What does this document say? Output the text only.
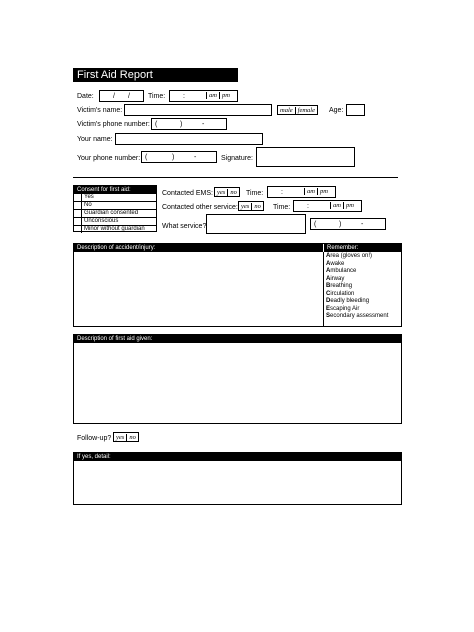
First Aid Report
Date:	/ /	Time:	:	am pm
Victim's name:	male female Age:
Victim's phone number: (	)	-
Your name:
Your phone number: (	)	-	Signature:
Consent for first aid:
Yes
No
Guardian consented
Unconscious
Minor without guardian
Contacted EMS: yes no Time:	:	am pm
Contacted other service: yes no Time: :	am pm
What service?	(	)	-
Description of accident/injury:	Remember:
Area (gloves on!)
Awake
Ambulance
Airway
Breathing
Circulation
Deadly bleeding
Escaping Air
Secondary assessment
Description of first aid given:
Follow-up? yes no
If yes, detail:
